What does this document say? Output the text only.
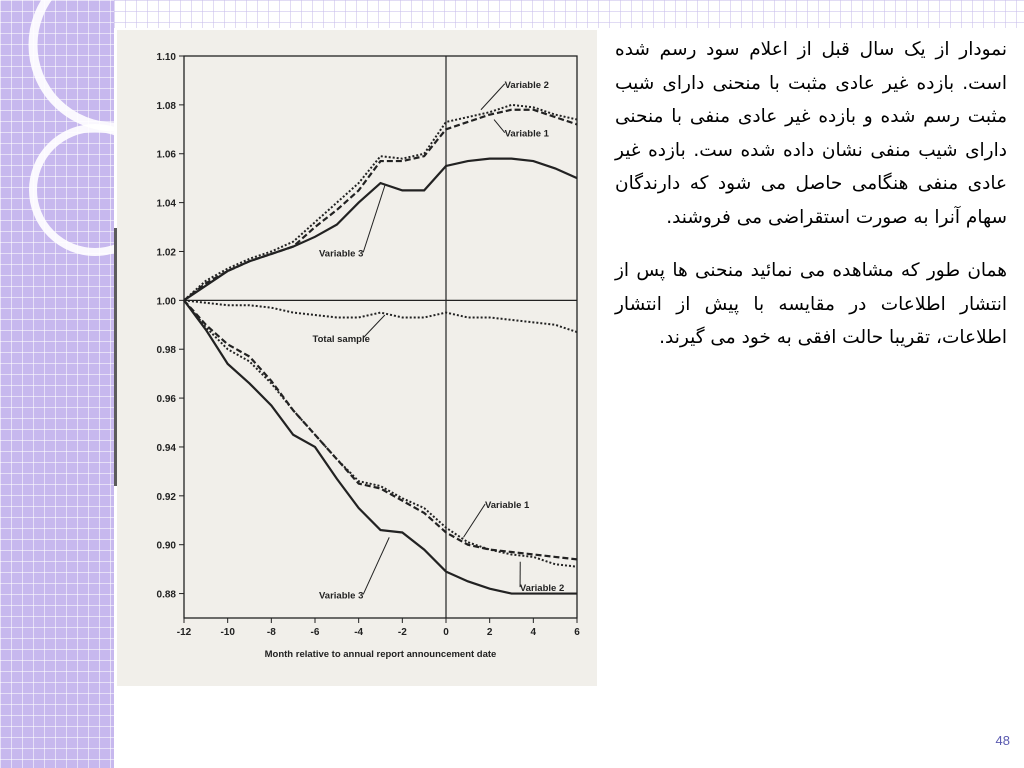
1.10
1.08
1.06
1.04
1.02
1.00
0.98
0.96
0.94
0.92
0.90
0.88
-12	-10	-8	-6	-4	-2	0	2	4	6
Month relative to annual report announcement date
Variable 2
Variable 1
Variable 3
Total sample
Variable 1
Variable 3
Variable 2

نمودار از یک سال قبل از اعلام سود رسم شده است. بازده غیر عادی مثبت با منحنی دارای شیب مثبت رسم شده و بازده غیر عادی منفی با منحنی دارای شیب منفی نشان داده شده ست. بازده غیر عادی منفی هنگامی حاصل می شود که دارندگان سهام آنرا به صورت استقراضی می فروشند.

همان طور که مشاهده می نمائید منحنی ها پس از انتشار اطلاعات در مقایسه با پیش از انتشار اطلاعات، تقریبا حالت افقی به خود می گیرند.

48
